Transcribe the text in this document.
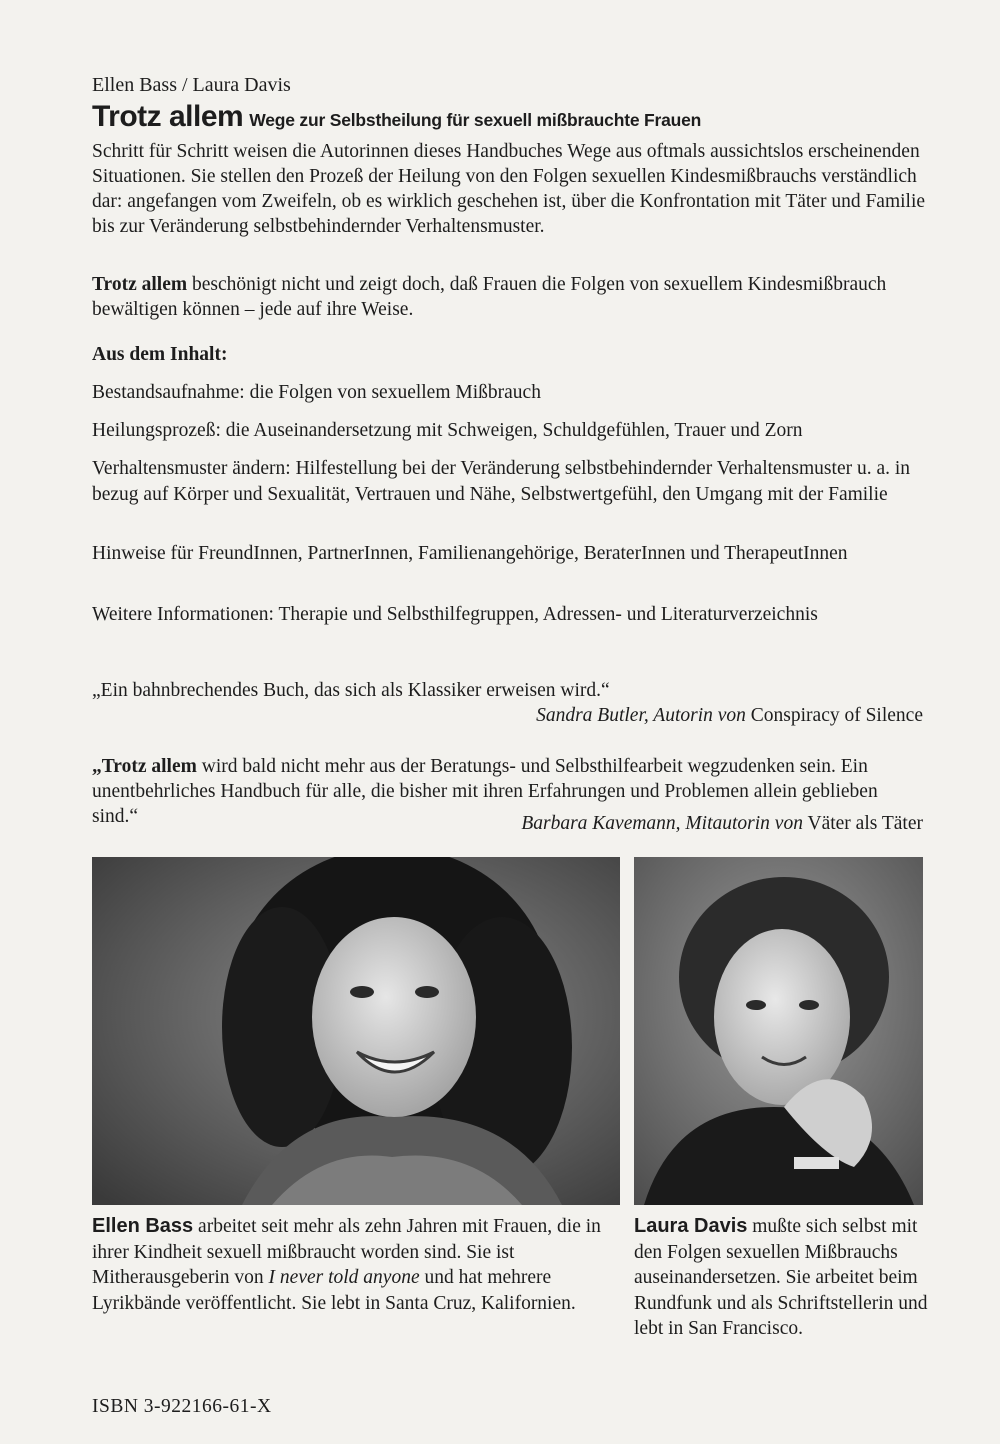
Ellen Bass / Laura Davis
Trotz allem Wege zur Selbstheilung für sexuell mißbrauchte Frauen
Schritt für Schritt weisen die Autorinnen dieses Handbuches Wege aus oftmals aussichtslos erscheinenden Situationen. Sie stellen den Prozeß der Heilung von den Folgen sexuellen Kindesmißbrauchs verständlich dar: angefangen vom Zweifeln, ob es wirklich geschehen ist, über die Konfrontation mit Täter und Familie bis zur Veränderung selbstbehindernder Verhaltensmuster.
Trotz allem beschönigt nicht und zeigt doch, daß Frauen die Folgen von sexuellem Kindesmißbrauch bewältigen können – jede auf ihre Weise.
Aus dem Inhalt:
Bestandsaufnahme: die Folgen von sexuellem Mißbrauch
Heilungsprozeß: die Auseinandersetzung mit Schweigen, Schuldgefühlen, Trauer und Zorn
Verhaltensmuster ändern: Hilfestellung bei der Veränderung selbstbehindernder Verhaltensmuster u. a. in bezug auf Körper und Sexualität, Vertrauen und Nähe, Selbstwertgefühl, den Umgang mit der Familie
Hinweise für FreundInnen, PartnerInnen, Familienangehörige, BeraterInnen und TherapeutInnen
Weitere Informationen: Therapie und Selbsthilfegruppen, Adressen- und Literaturverzeichnis
„Ein bahnbrechendes Buch, das sich als Klassiker erweisen wird.“
Sandra Butler, Autorin von Conspiracy of Silence
„Trotz allem wird bald nicht mehr aus der Beratungs- und Selbsthilfearbeit wegzudenken sein. Ein unentbehrliches Handbuch für alle, die bisher mit ihren Erfahrungen und Problemen allein geblieben sind.“	Barbara Kavemann, Mitautorin von Väter als Täter
Ellen Bass arbeitet seit mehr als zehn Jahren mit Frauen, die in ihrer Kindheit sexuell mißbraucht worden sind. Sie ist Mitherausgeberin von I never told anyone und hat mehrere Lyrikbände veröffentlicht. Sie lebt in Santa Cruz, Kalifornien.
Laura Davis mußte sich selbst mit den Folgen sexuellen Mißbrauchs auseinandersetzen. Sie arbeitet beim Rundfunk und als Schriftstellerin und lebt in San Francisco.
ISBN 3-922166-61-X
